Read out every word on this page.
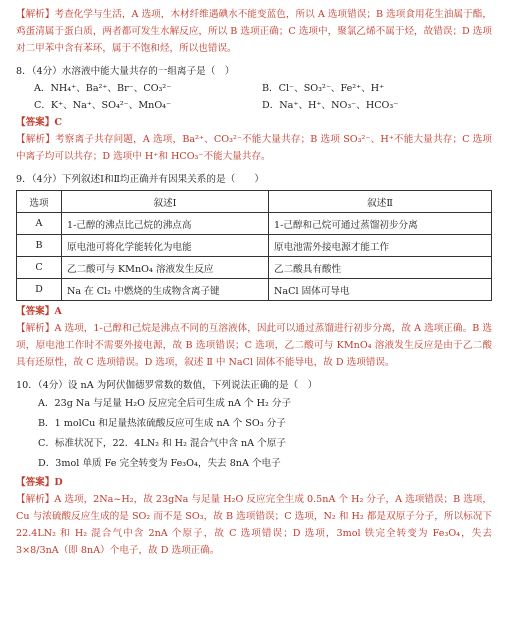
【解析】考查化学与生活，A 选项，木材纤维遇碘水不能变蓝色，所以 A 选项错误；B 选项食用花生油属于酯，鸡蛋清属于蛋白质，两者都可发生水解反应，所以 B 选项正确；C 选项中，聚氯乙烯不属于烃，故错误；D 选项对二甲苯中含有苯环，属于不饱和烃，所以也错误。

8．（4分）水溶液中能大量共存的一组离子是（　）

A．NH₄⁺、Ba²⁺、Br⁻、CO₃²⁻	B．Cl⁻、SO₃²⁻、Fe²⁺、H⁺
C．K⁺、Na⁺、SO₄²⁻、MnO₄⁻	D．Na⁺、H⁺、NO₃⁻、HCO₃⁻

【答案】C

【解析】考察离子共存问题，A 选项，Ba²⁺、CO₃²⁻不能大量共存；B 选项 SO₃²⁻、H⁺不能大量共存；C 选项中离子均可以共存；D 选项中 H⁺和 HCO₃⁻不能大量共存。

9．（4分）下列叙述Ⅰ和Ⅱ均正确并有因果关系的是（　　）

选项	叙述Ⅰ	叙述Ⅱ
A	1-己醇的沸点比己烷的沸点高	1-己醇和己烷可通过蒸馏初步分离
B	原电池可将化学能转化为电能	原电池需外接电源才能工作
C	乙二酸可与 KMnO₄ 溶液发生反应	乙二酸具有酸性
D	Na 在 Cl₂ 中燃烧的生成物含离子键	NaCl 固体可导电

【答案】A

【解析】A 选项，1-己醇和己烷是沸点不同的互溶液体，因此可以通过蒸馏进行初步分离，故 A 选项正确。B 选项，原电池工作时不需要外接电源，故 B 选项错误；C 选项，乙二酸可与 KMnO₄ 溶液发生反应是由于乙二酸具有还原性，故 C 选项错误。D 选项，叙述 Ⅱ 中 NaCl 固体不能导电，故 D 选项错误。

10．（4分）设 nA 为阿伏伽德罗常数的数值，下列说法正确的是（　）

A．23g Na 与足量 H₂O 反应完全后可生成 nA 个 H₂ 分子

B．1 molCu 和足量热浓硫酸反应可生成 nA 个 SO₃ 分子

C．标准状况下，22．4LN₂ 和 H₂ 混合气中含 nA 个原子

D．3mol 单质 Fe 完全转变为 Fe₃O₄，失去 8nA 个电子

【答案】D

【解析】A 选项，2Na~H₂，故 23gNa 与足量 H₂O 反应完全生成 0.5nA 个 H₂ 分子，A 选项错误；B 选项，Cu 与浓硫酸反应生成的是 SO₂ 而不是 SO₃，故 B 选项错误；C 选项，N₂ 和 H₂ 都是双原子分子，所以标况下 22.4LN₂ 和 H₂ 混合气中含 2nA 个原子，故 C 选项错误；D 选项，3mol 铁完全转变为 Fe₃O₄，失去 3×8/3nA（即 8nA）个电子，故 D 选项正确。
